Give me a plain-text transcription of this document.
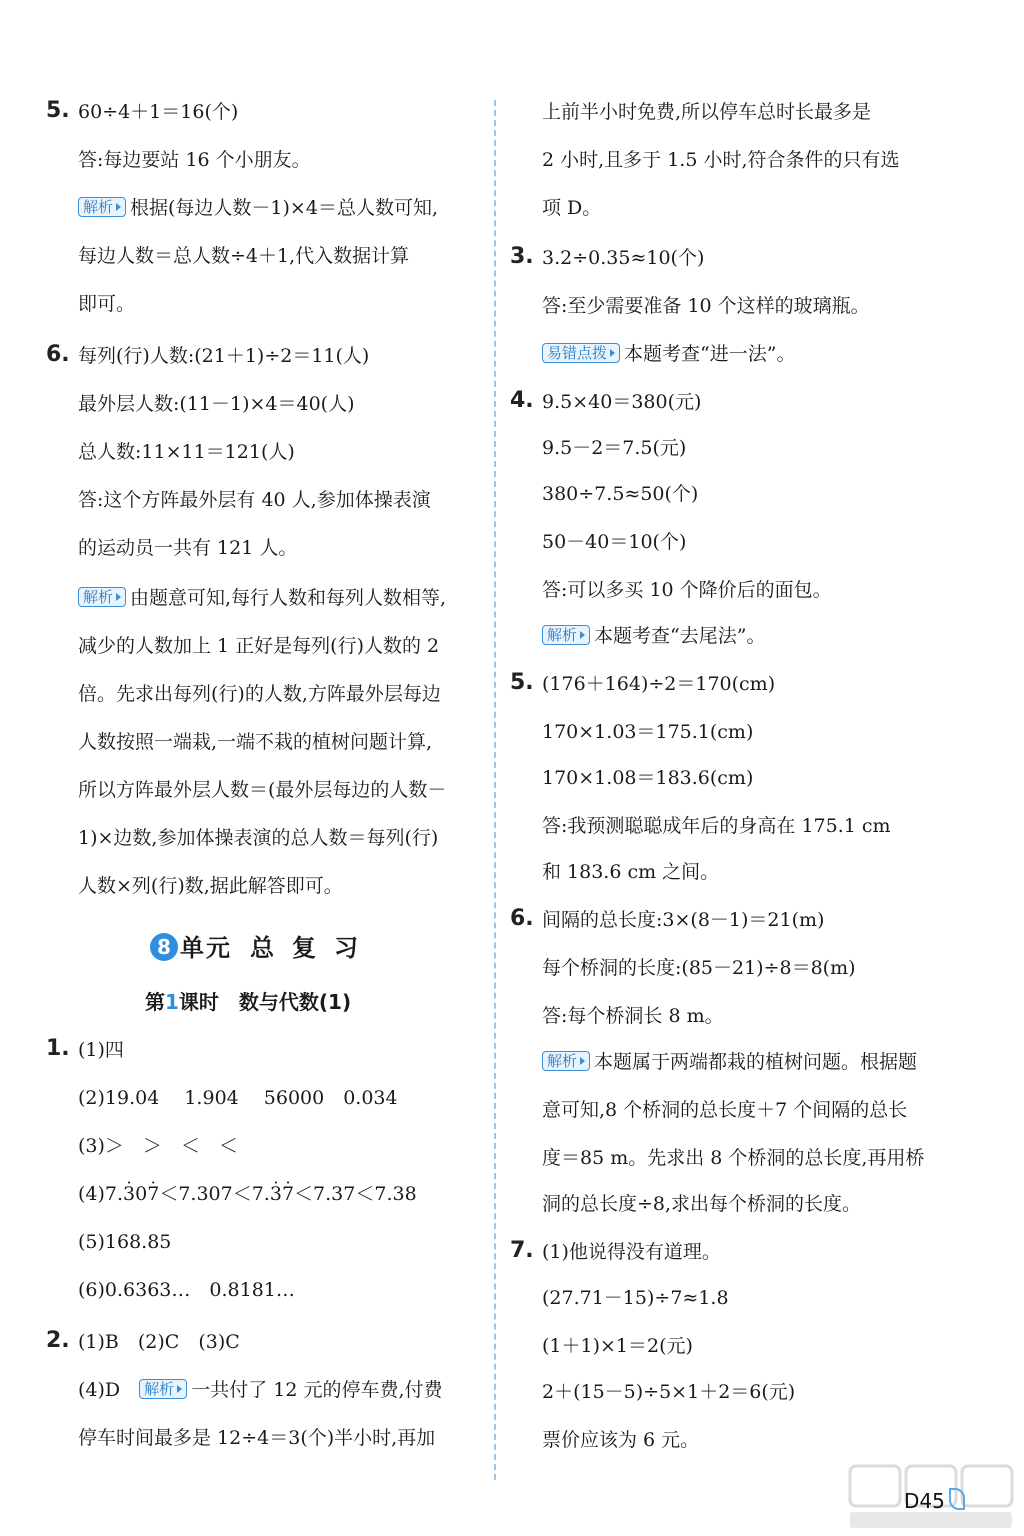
5. 60÷4＋1＝16(个)
答:每边要站 16 个小朋友。
解析 根据(每边人数－1)×4＝总人数可知,
每边人数＝总人数÷4＋1,代入数据计算
即可。
6. 每列(行)人数:(21＋1)÷2＝11(人)
最外层人数:(11－1)×4＝40(人)
总人数:11×11＝121(人)
答:这个方阵最外层有 40 人,参加体操表演
的运动员一共有 121 人。
解析 由题意可知,每行人数和每列人数相等,
减少的人数加上 1 正好是每列(行)人数的 2
倍。先求出每列(行)的人数,方阵最外层每边
人数按照一端栽,一端不栽的植树问题计算,
所以方阵最外层人数＝(最外层每边的人数－
1)×边数,参加体操表演的总人数＝每列(行)
人数×列(行)数,据此解答即可。
1. (1)四
(2)19.04　 1.904　 56000　0.034
(3)＞　＞　＜　＜
(4)7.· 30· 7＜7.307＜7.· 3· 7＜7.37＜7.38
(5)168.85
(6)0.6363…　0.8181…
2. (1)B　(2)C　(3)C
(4)D　 解析 一共付了 12 元的停车费,付费
停车时间最多是 12÷4＝3(个)半小时,再加
8 单元 总复习
第1课时　数与代数(1)
上前半小时免费,所以停车总时长最多是
2 小时,且多于 1.5 小时,符合条件的只有选
项 D。
3. 3.2÷0.35≈10(个)
答:至少需要准备 10 个这样的玻璃瓶。
易错点拨 本题考查“进一法”。
4. 9.5×40＝380(元)
9.5－2＝7.5(元)
380÷7.5≈50(个)
50－40＝10(个)
答:可以多买 10 个降价后的面包。
解析 本题考查“去尾法”。
5. (176＋164)÷2＝170(cm)
170×1.03＝175.1(cm)
170×1.08＝183.6(cm)
答:我预测聪聪成年后的身高在 175.1 cm
和 183.6 cm 之间。
6. 间隔的总长度:3×(8－1)＝21(m)
每个桥洞的长度:(85－21)÷8＝8(m)
答:每个桥洞长 8 m。
解析 本题属于两端都栽的植树问题。根据题
意可知,8 个桥洞的总长度＋7 个间隔的总长
度＝85 m。先求出 8 个桥洞的总长度,再用桥
洞的总长度÷8,求出每个桥洞的长度。
7. (1)他说得没有道理。
(27.71－15)÷7≈1.8
(1＋1)×1＝2(元)
2＋(15－5)÷5×1＋2＝6(元)
票价应该为 6 元。
D45
